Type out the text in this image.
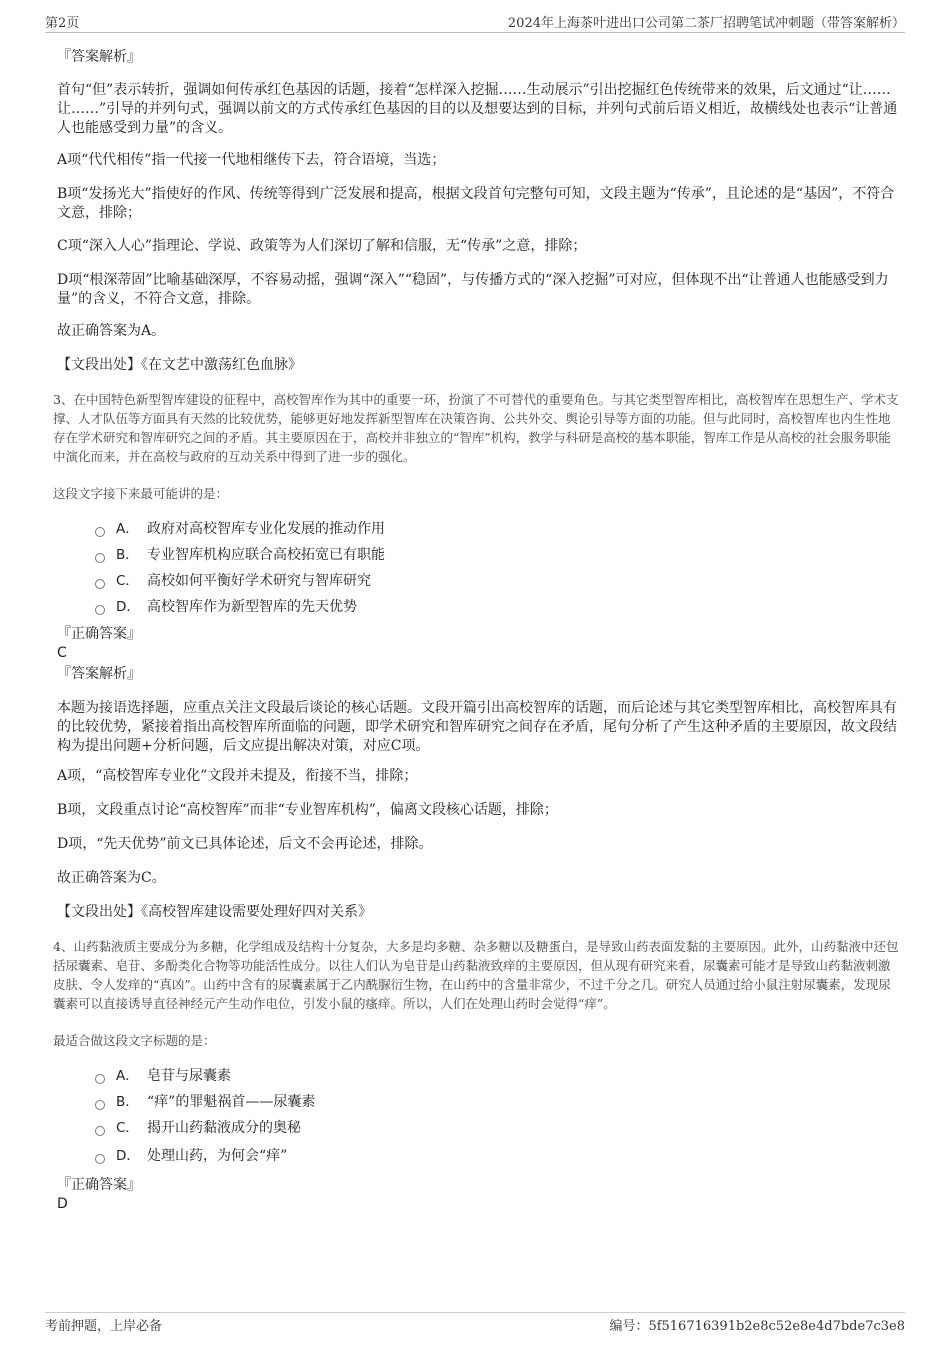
第2页	2024年上海茶叶进出口公司第二茶厂招聘笔试冲刺题（带答案解析）
『答案解析』
首句“但”表示转折，强调如何传承红色基因的话题，接着“怎样深入挖掘……生动展示”引出挖掘红色传统带来的效果，后文通过“让……让……”引导的并列句式，强调以前文的方式传承红色基因的目的以及想要达到的目标，并列句式前后语义相近，故横线处也表示“让普通人也能感受到力量”的含义。
A项“代代相传”指一代接一代地相继传下去，符合语境，当选；
B项“发扬光大”指使好的作风、传统等得到广泛发展和提高，根据文段首句完整句可知，文段主题为“传承”，且论述的是“基因”，不符合文意，排除；
C项“深入人心”指理论、学说、政策等为人们深切了解和信服，无“传承”之意，排除；
D项“根深蒂固”比喻基础深厚，不容易动摇，强调“深入”“稳固”，与传播方式的“深入挖掘”可对应，但体现不出“让普通人也能感受到力量”的含义，不符合文意，排除。
故正确答案为A。
【文段出处】《在文艺中激荡红色血脉》
3、在中国特色新型智库建设的征程中，高校智库作为其中的重要一环，扮演了不可替代的重要角色。与其它类型智库相比，高校智库在思想生产、学术支撑、人才队伍等方面具有天然的比较优势，能够更好地发挥新型智库在决策咨询、公共外交、舆论引导等方面的功能。但与此同时，高校智库也内生性地存在学术研究和智库研究之间的矛盾。其主要原因在于，高校并非独立的“智库”机构，教学与科研是高校的基本职能，智库工作是从高校的社会服务职能中演化而来，并在高校与政府的互动关系中得到了进一步的强化。
这段文字接下来最可能讲的是：
A． 政府对高校智库专业化发展的推动作用
B． 专业智库机构应联合高校拓宽已有职能
C． 高校如何平衡好学术研究与智库研究
D． 高校智库作为新型智库的先天优势
『正确答案』
C
『答案解析』
本题为接语选择题，应重点关注文段最后谈论的核心话题。文段开篇引出高校智库的话题，而后论述与其它类型智库相比，高校智库具有的比较优势，紧接着指出高校智库所面临的问题，即学术研究和智库研究之间存在矛盾，尾句分析了产生这种矛盾的主要原因，故文段结构为提出问题+分析问题，后文应提出解决对策，对应C项。
A项，“高校智库专业化”文段并未提及，衔接不当，排除；
B项，文段重点讨论“高校智库”而非“专业智库机构”，偏离文段核心话题，排除；
D项，“先天优势”前文已具体论述，后文不会再论述，排除。
故正确答案为C。
【文段出处】《高校智库建设需要处理好四对关系》
4、山药黏液质主要成分为多糖，化学组成及结构十分复杂，大多是均多糖、杂多糖以及糖蛋白，是导致山药表面发黏的主要原因。此外，山药黏液中还包括尿囊素、皂苷、多酚类化合物等功能活性成分。以往人们认为皂苷是山药黏液致痒的主要原因，但从现有研究来看，尿囊素可能才是导致山药黏液刺激皮肤、令人发痒的“真凶”。山药中含有的尿囊素属于乙内酰脲衍生物，在山药中的含量非常少，不过千分之几。研究人员通过给小鼠注射尿囊素，发现尿囊素可以直接诱导直径神经元产生动作电位，引发小鼠的瘙痒。所以，人们在处理山药时会觉得“痒”。
最适合做这段文字标题的是：
A． 皂苷与尿囊素
B． “痒”的罪魁祸首——尿囊素
C． 揭开山药黏液成分的奥秘
D． 处理山药，为何会“痒”
『正确答案』
D
考前押题，上岸必备	编号：5f516716391b2e8c52e8e4d7bde7c3e8
